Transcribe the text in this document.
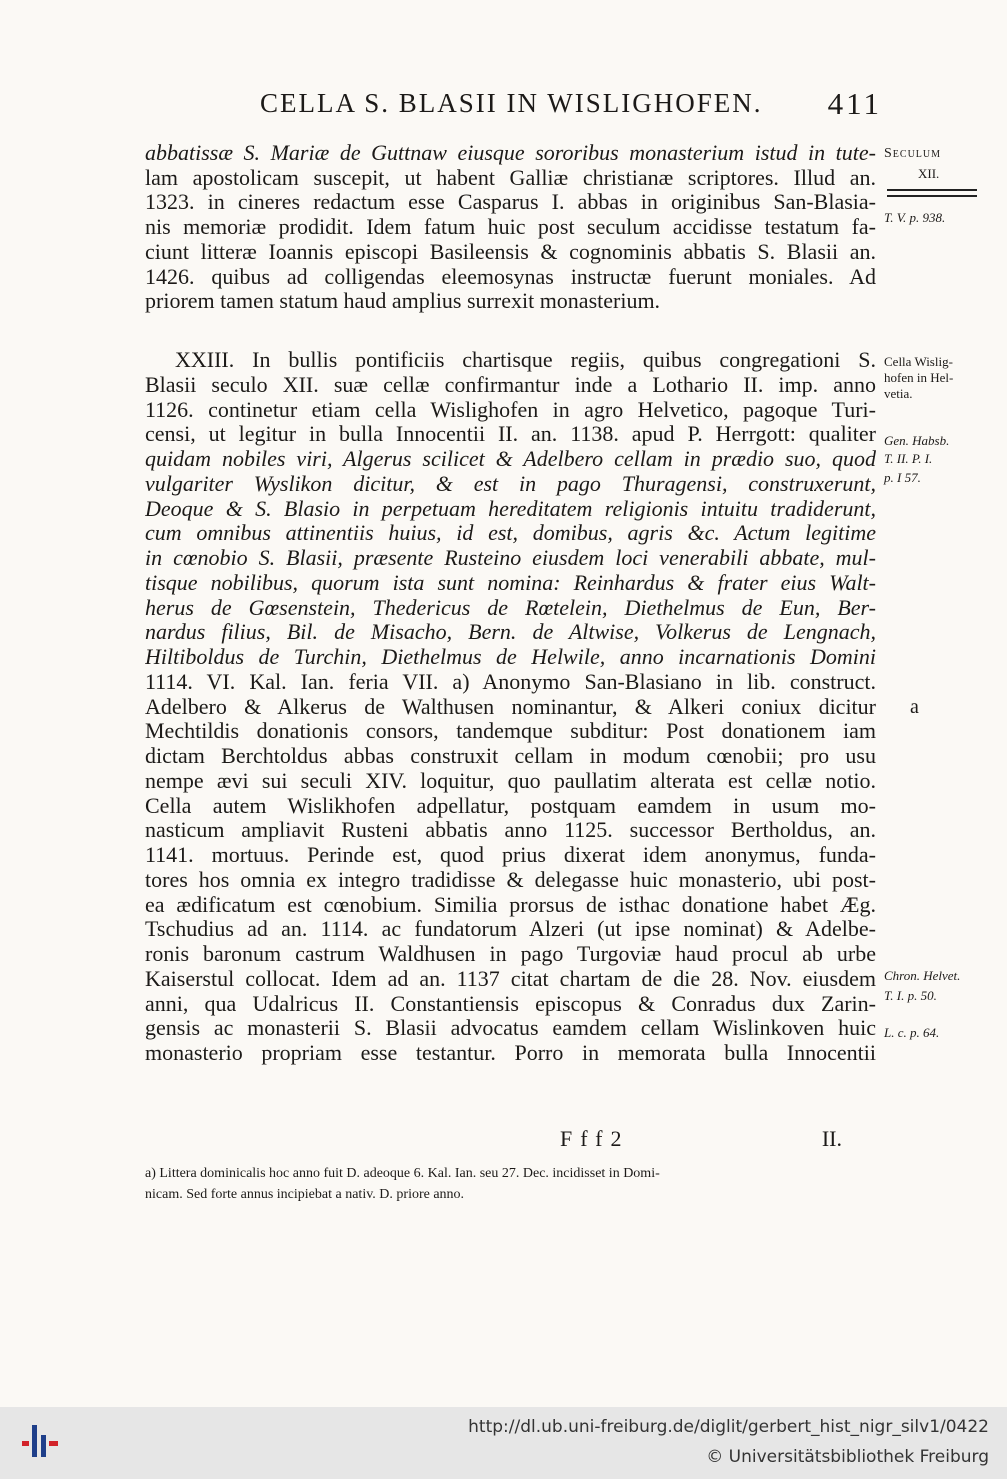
CELLA S. BLASII IN WISLIGHOFEN. 411
abbatissæ S. Mariæ de Guttnaw eiusque sororibus monasterium istud in tute-
lam apostolicam suscepit, ut habent Galliæ christianæ scriptores. Illud an.
1323. in cineres redactum esse Casparus I. abbas in originibus San-Blasia-
nis memoriæ prodidit. Idem fatum huic post seculum accidisse testatum fa-
ciunt litteræ Ioannis episcopi Basileensis & cognominis abbatis S. Blasii an.
1426. quibus ad colligendas eleemosynas instructæ fuerunt moniales. Ad
priorem tamen statum haud amplius surrexit monasterium.
XXIII. In bullis pontificiis chartisque regiis, quibus congregationi S.
Blasii seculo XII. suæ cellæ confirmantur inde a Lothario II. imp. anno
1126. continetur etiam cella Wislighofen in agro Helvetico, pagoque Turi-
censi, ut legitur in bulla Innocentii II. an. 1138. apud P. Herrgott: qualiter
quidam nobiles viri, Algerus scilicet & Adelbero cellam in prædio suo, quod
vulgariter Wyslikon dicitur, & est in pago Thuragensi, construxerunt,
Deoque & S. Blasio in perpetuam hereditatem religionis intuitu tradiderunt,
cum omnibus attinentiis huius, id est, domibus, agris &c. Actum legitime
in cœnobio S. Blasii, præsente Rusteino eiusdem loci venerabili abbate, mul-
tisque nobilibus, quorum ista sunt nomina: Reinhardus & frater eius Walt-
herus de Gœsenstein, Thedericus de Rœtelein, Diethelmus de Eun, Ber-
nardus filius, Bil. de Misacho, Bern. de Altwise, Volkerus de Lengnach,
Hiltiboldus de Turchin, Diethelmus de Helwile, anno incarnationis Domini
1114. VI. Kal. Ian. feria VII. a) Anonymo San-Blasiano in lib. construct.
Adelbero & Alkerus de Walthusen nominantur, & Alkeri coniux dicitur
Mechtildis donationis consors, tandemque subditur: Post donationem iam
dictam Berchtoldus abbas construxit cellam in modum cœnobii; pro usu
nempe ævi sui seculi XIV. loquitur, quo paullatim alterata est cellæ notio.
Cella autem Wislikhofen adpellatur, postquam eamdem in usum mo-
nasticum ampliavit Rusteni abbatis anno 1125. successor Bertholdus, an.
1141. mortuus. Perinde est, quod prius dixerat idem anonymus, funda-
tores hos omnia ex integro tradidisse & delegasse huic monasterio, ubi post-
ea ædificatum est cœnobium. Similia prorsus de isthac donatione habet Æg.
Tschudius ad an. 1114. ac fundatorum Alzeri (ut ipse nominat) & Adelbe-
ronis baronum castrum Waldhusen in pago Turgoviæ haud procul ab urbe
Kaiserstul collocat. Idem ad an. 1137 citat chartam de die 28. Nov. eiusdem
anni, qua Udalricus II. Constantiensis episcopus & Conradus dux Zarin-
gensis ac monasterii S. Blasii advocatus eamdem cellam Wislinkoven huic
monasterio propriam esse testantur. Porro in memorata bulla Innocentii
Seculum
XII.
T. V. p. 938.
Cella Wislig-
hofen in Hel-
vetia.
Gen. Habsb.
T. II. P. I.
p. I 57.
a
Chron. Helvet.
T. I. p. 50.
L. c. p. 64.
Fff2	II.
a) Littera dominicalis hoc anno fuit D. adeoque 6. Kal. Ian. seu 27. Dec. incidisset in Domi-
nicam. Sed forte annus incipiebat a nativ. D. priore anno.
http://dl.ub.uni-freiburg.de/diglit/gerbert_hist_nigr_silv1/0422
© Universitätsbibliothek Freiburg
